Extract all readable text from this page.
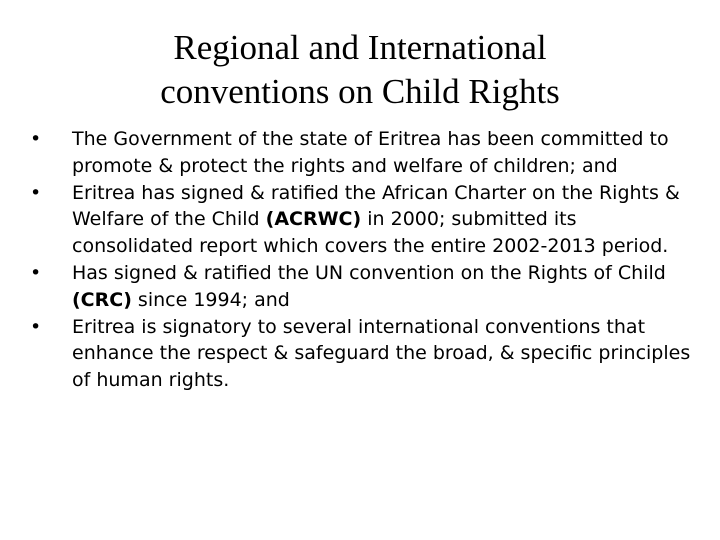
Regional and International
conventions on Child Rights
•	The Government of the state of Eritrea has been committed to promote & protect the rights and welfare of children; and
•	Eritrea has signed & ratified the African Charter on the Rights & Welfare of the Child (ACRWC) in 2000; submitted its consolidated report which covers the entire 2002-2013 period.
•	Has signed & ratified the UN convention on the Rights of Child (CRC) since 1994; and
•	Eritrea is signatory to several international conventions that enhance the respect & safeguard the broad, & specific principles of human rights.
